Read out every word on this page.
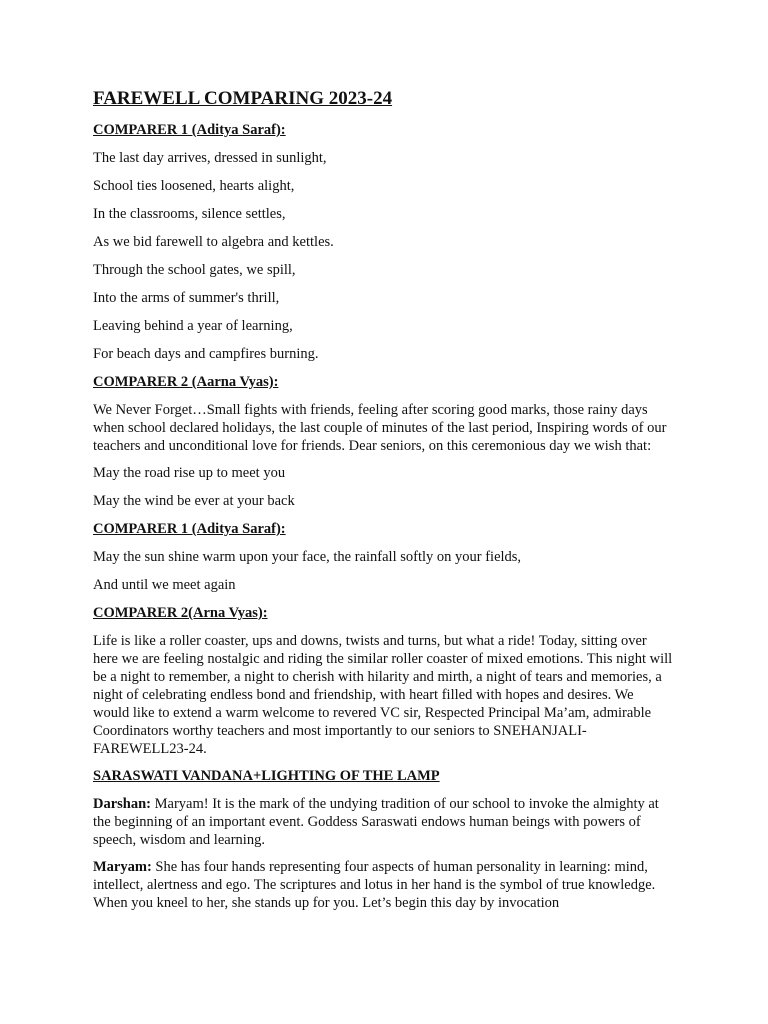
FAREWELL COMPARING 2023-24
COMPARER 1 (Aditya Saraf):
The last day arrives, dressed in sunlight,
School ties loosened, hearts alight,
In the classrooms, silence settles,
As we bid farewell to algebra and kettles.
Through the school gates, we spill,
Into the arms of summer's thrill,
Leaving behind a year of learning,
For beach days and campfires burning.
COMPARER 2 (Aarna Vyas):
We Never Forget…Small fights with friends, feeling after scoring good marks, those rainy days when school declared holidays, the last couple of minutes of the last period, Inspiring words of our teachers and unconditional love for friends. Dear seniors, on this ceremonious day we wish that:
May the road rise up to meet you
May the wind be ever at your back
COMPARER 1 (Aditya Saraf):
May the sun shine warm upon your face, the rainfall softly on your fields,
And until we meet again
COMPARER 2(Arna Vyas):
Life is like a roller coaster, ups and downs, twists and turns, but what a ride! Today, sitting over here we are feeling nostalgic and riding the similar roller coaster of mixed emotions. This night will be a night to remember, a night to cherish with hilarity and mirth, a night of tears and memories, a night of celebrating endless bond and friendship, with heart filled with hopes and desires. We would like to extend a warm welcome to revered VC sir, Respected Principal Ma’am, admirable Coordinators worthy teachers and most importantly to our seniors to SNEHANJALI-FAREWELL23-24.
SARASWATI VANDANA+LIGHTING OF THE LAMP
Darshan: Maryam! It is the mark of the undying tradition of our school to invoke the almighty at the beginning of an important event. Goddess Saraswati endows human beings with powers of speech, wisdom and learning.
Maryam: She has four hands representing four aspects of human personality in learning: mind, intellect, alertness and ego. The scriptures and lotus in her hand is the symbol of true knowledge. When you kneel to her, she stands up for you. Let’s begin this day by invocation
